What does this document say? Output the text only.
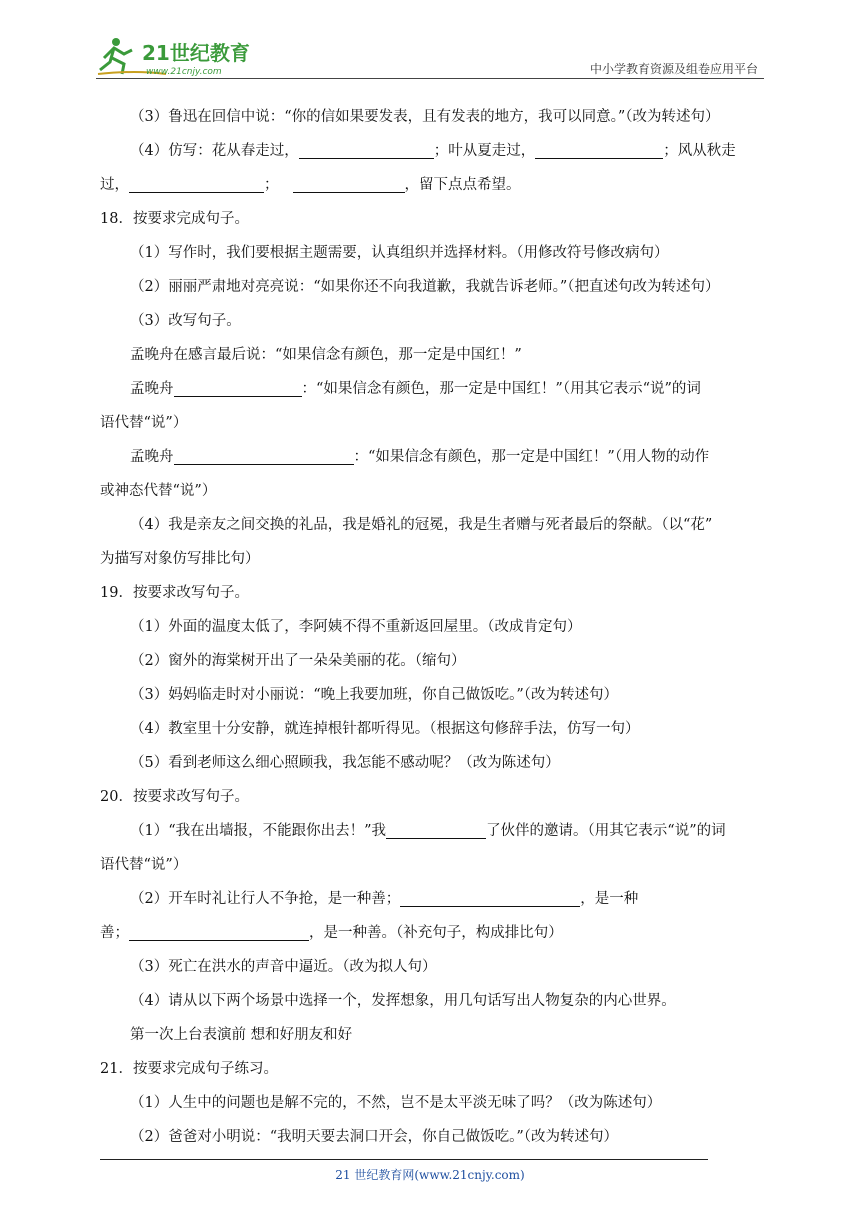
21世纪教育
www.21cnjy.com	中小学教育资源及组卷应用平台
（3）鲁迅在回信中说：“你的信如果要发表，且有发表的地方，我可以同意。”（改为转述句）
（4）仿写：花从春走过，	；叶从夏走过，	；风从秋走
过，	；	，留下点点希望。
18．按要求完成句子。
（1）写作时，我们要根据主题需要，认真组织并选择材料。（用修改符号修改病句）
（2）丽丽严肃地对亮亮说：“如果你还不向我道歉，我就告诉老师。”（把直述句改为转述句）
（3）改写句子。
孟晚舟在感言最后说：“如果信念有颜色，那一定是中国红！”
孟晚舟	：“如果信念有颜色，那一定是中国红！”（用其它表示“说”的词
语代替“说”）
孟晚舟	：“如果信念有颜色，那一定是中国红！”（用人物的动作
或神态代替“说”）
（4）我是亲友之间交换的礼品，我是婚礼的冠冕，我是生者赠与死者最后的祭献。（以“花”
为描写对象仿写排比句）
19．按要求改写句子。
（1）外面的温度太低了，李阿姨不得不重新返回屋里。（改成肯定句）
（2）窗外的海棠树开出了一朵朵美丽的花。（缩句）
（3）妈妈临走时对小丽说：“晚上我要加班，你自己做饭吃。”（改为转述句）
（4）教室里十分安静，就连掉根针都听得见。（根据这句修辞手法，仿写一句）
（5）看到老师这么细心照顾我，我怎能不感动呢？（改为陈述句）
20．按要求改写句子。
（1）“我在出墙报，不能跟你出去！”我	了伙伴的邀请。（用其它表示“说”的词
语代替“说”）
（2）开车时礼让行人不争抢，是一种善；	，是一种
善；	，是一种善。（补充句子，构成排比句）
（3）死亡在洪水的声音中逼近。（改为拟人句）
（4）请从以下两个场景中选择一个，发挥想象，用几句话写出人物复杂的内心世界。
第一次上台表演前 想和好朋友和好
21．按要求完成句子练习。
（1）人生中的问题也是解不完的，不然，岂不是太平淡无味了吗？（改为陈述句）
（2）爸爸对小明说：“我明天要去洞口开会，你自己做饭吃。”（改为转述句）
21 世纪教育网(www.21cnjy.com)
